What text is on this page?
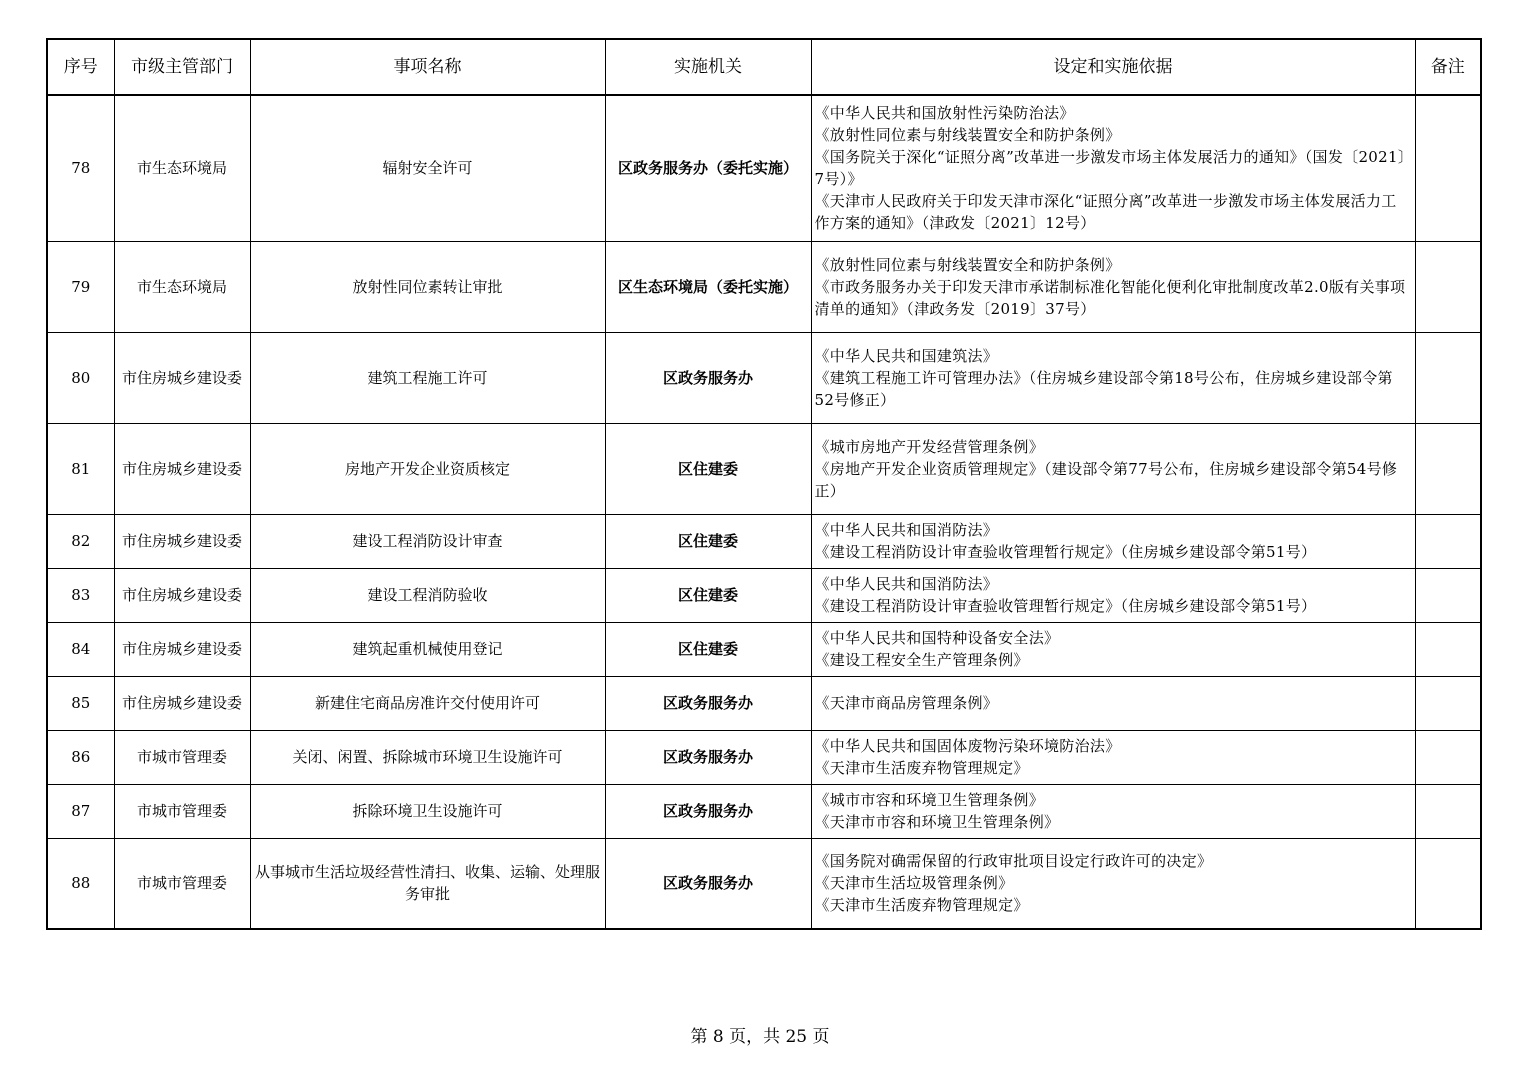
序号	市级主管部门	事项名称	实施机关	设定和实施依据	备注
78	市生态环境局	辐射安全许可	区政务服务办（委托实施）	《中华人民共和国放射性污染防治法》
《放射性同位素与射线装置安全和防护条例》
《国务院关于深化“证照分离”改革进一步激发市场主体发展活力的通知》（国发〔2021〕7号）》
《天津市人民政府关于印发天津市深化“证照分离”改革进一步激发市场主体发展活力工作方案的通知》（津政发〔2021〕12号）	
79	市生态环境局	放射性同位素转让审批	区生态环境局（委托实施）	《放射性同位素与射线装置安全和防护条例》
《市政务服务办关于印发天津市承诺制标准化智能化便利化审批制度改革2.0版有关事项清单的通知》（津政务发〔2019〕37号）	
80	市住房城乡建设委	建筑工程施工许可	区政务服务办	《中华人民共和国建筑法》
《建筑工程施工许可管理办法》（住房城乡建设部令第18号公布，住房城乡建设部令第52号修正）	
81	市住房城乡建设委	房地产开发企业资质核定	区住建委	《城市房地产开发经营管理条例》
《房地产开发企业资质管理规定》（建设部令第77号公布，住房城乡建设部令第54号修正）	
82	市住房城乡建设委	建设工程消防设计审查	区住建委	《中华人民共和国消防法》
《建设工程消防设计审查验收管理暂行规定》（住房城乡建设部令第51号）	
83	市住房城乡建设委	建设工程消防验收	区住建委	《中华人民共和国消防法》
《建设工程消防设计审查验收管理暂行规定》（住房城乡建设部令第51号）	
84	市住房城乡建设委	建筑起重机械使用登记	区住建委	《中华人民共和国特种设备安全法》
《建设工程安全生产管理条例》	
85	市住房城乡建设委	新建住宅商品房准许交付使用许可	区政务服务办	《天津市商品房管理条例》	
86	市城市管理委	关闭、闲置、拆除城市环境卫生设施许可	区政务服务办	《中华人民共和国固体废物污染环境防治法》
《天津市生活废弃物管理规定》	
87	市城市管理委	拆除环境卫生设施许可	区政务服务办	《城市市容和环境卫生管理条例》
《天津市市容和环境卫生管理条例》	
88	市城市管理委	从事城市生活垃圾经营性清扫、收集、运输、处理服务审批	区政务服务办	《国务院对确需保留的行政审批项目设定行政许可的决定》
《天津市生活垃圾管理条例》
《天津市生活废弃物管理规定》	
第 8 页，共 25 页
